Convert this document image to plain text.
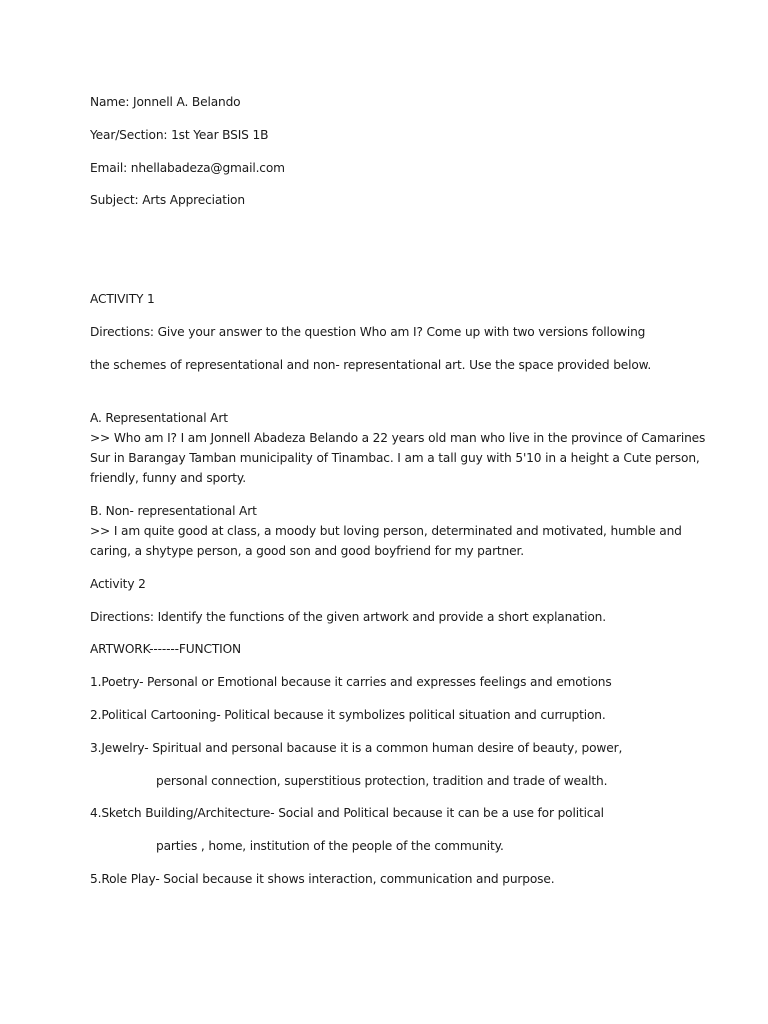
Name: Jonnell A. Belando
Year/Section: 1st Year BSIS 1B
Email: nhellabadeza@gmail.com
Subject: Arts Appreciation
ACTIVITY 1
Directions: Give your answer to the question Who am I? Come up with two versions following
the schemes of representational and non- representational art. Use the space provided below.
A. Representational Art
>> Who am I? I am Jonnell Abadeza Belando a 22 years old man who live in the province of Camarines
Sur in Barangay Tamban municipality of Tinambac. I am a tall guy with 5'10 in a height a Cute person,
friendly, funny and sporty.
B. Non- representational Art
>> I am quite good at class, a moody but loving person, determinated and motivated, humble and
caring, a shytype person, a good son and good boyfriend for my partner.
Activity 2
Directions: Identify the functions of the given artwork and provide a short explanation.
ARTWORK-------FUNCTION
1.Poetry- Personal or Emotional because it carries and expresses feelings and emotions
2.Political Cartooning- Political because it symbolizes political situation and curruption.
3.Jewelry- Spiritual and personal bacause it is a common human desire of beauty, power,
personal connection, superstitious protection, tradition and trade of wealth.
4.Sketch Building/Architecture- Social and Political because it can be a use for political
parties , home, institution of the people of the community.
5.Role Play- Social because it shows interaction, communication and purpose.
